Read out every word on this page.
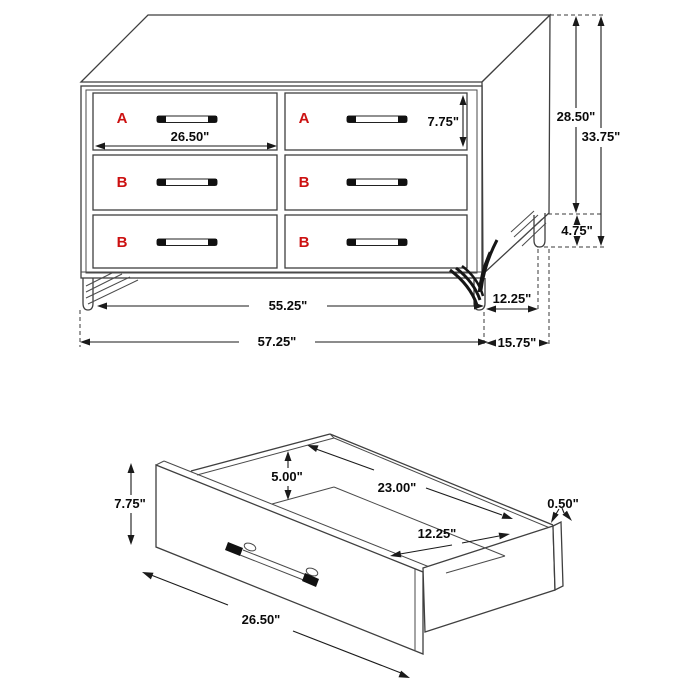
A	A
B	B
B	B
26.50"
7.75"	28.50"
33.75"
4.75"
55.25"
57.25"
12.25"
15.75"
7.75"
5.00"
23.00"
12.25"
0.50"
26.50"
